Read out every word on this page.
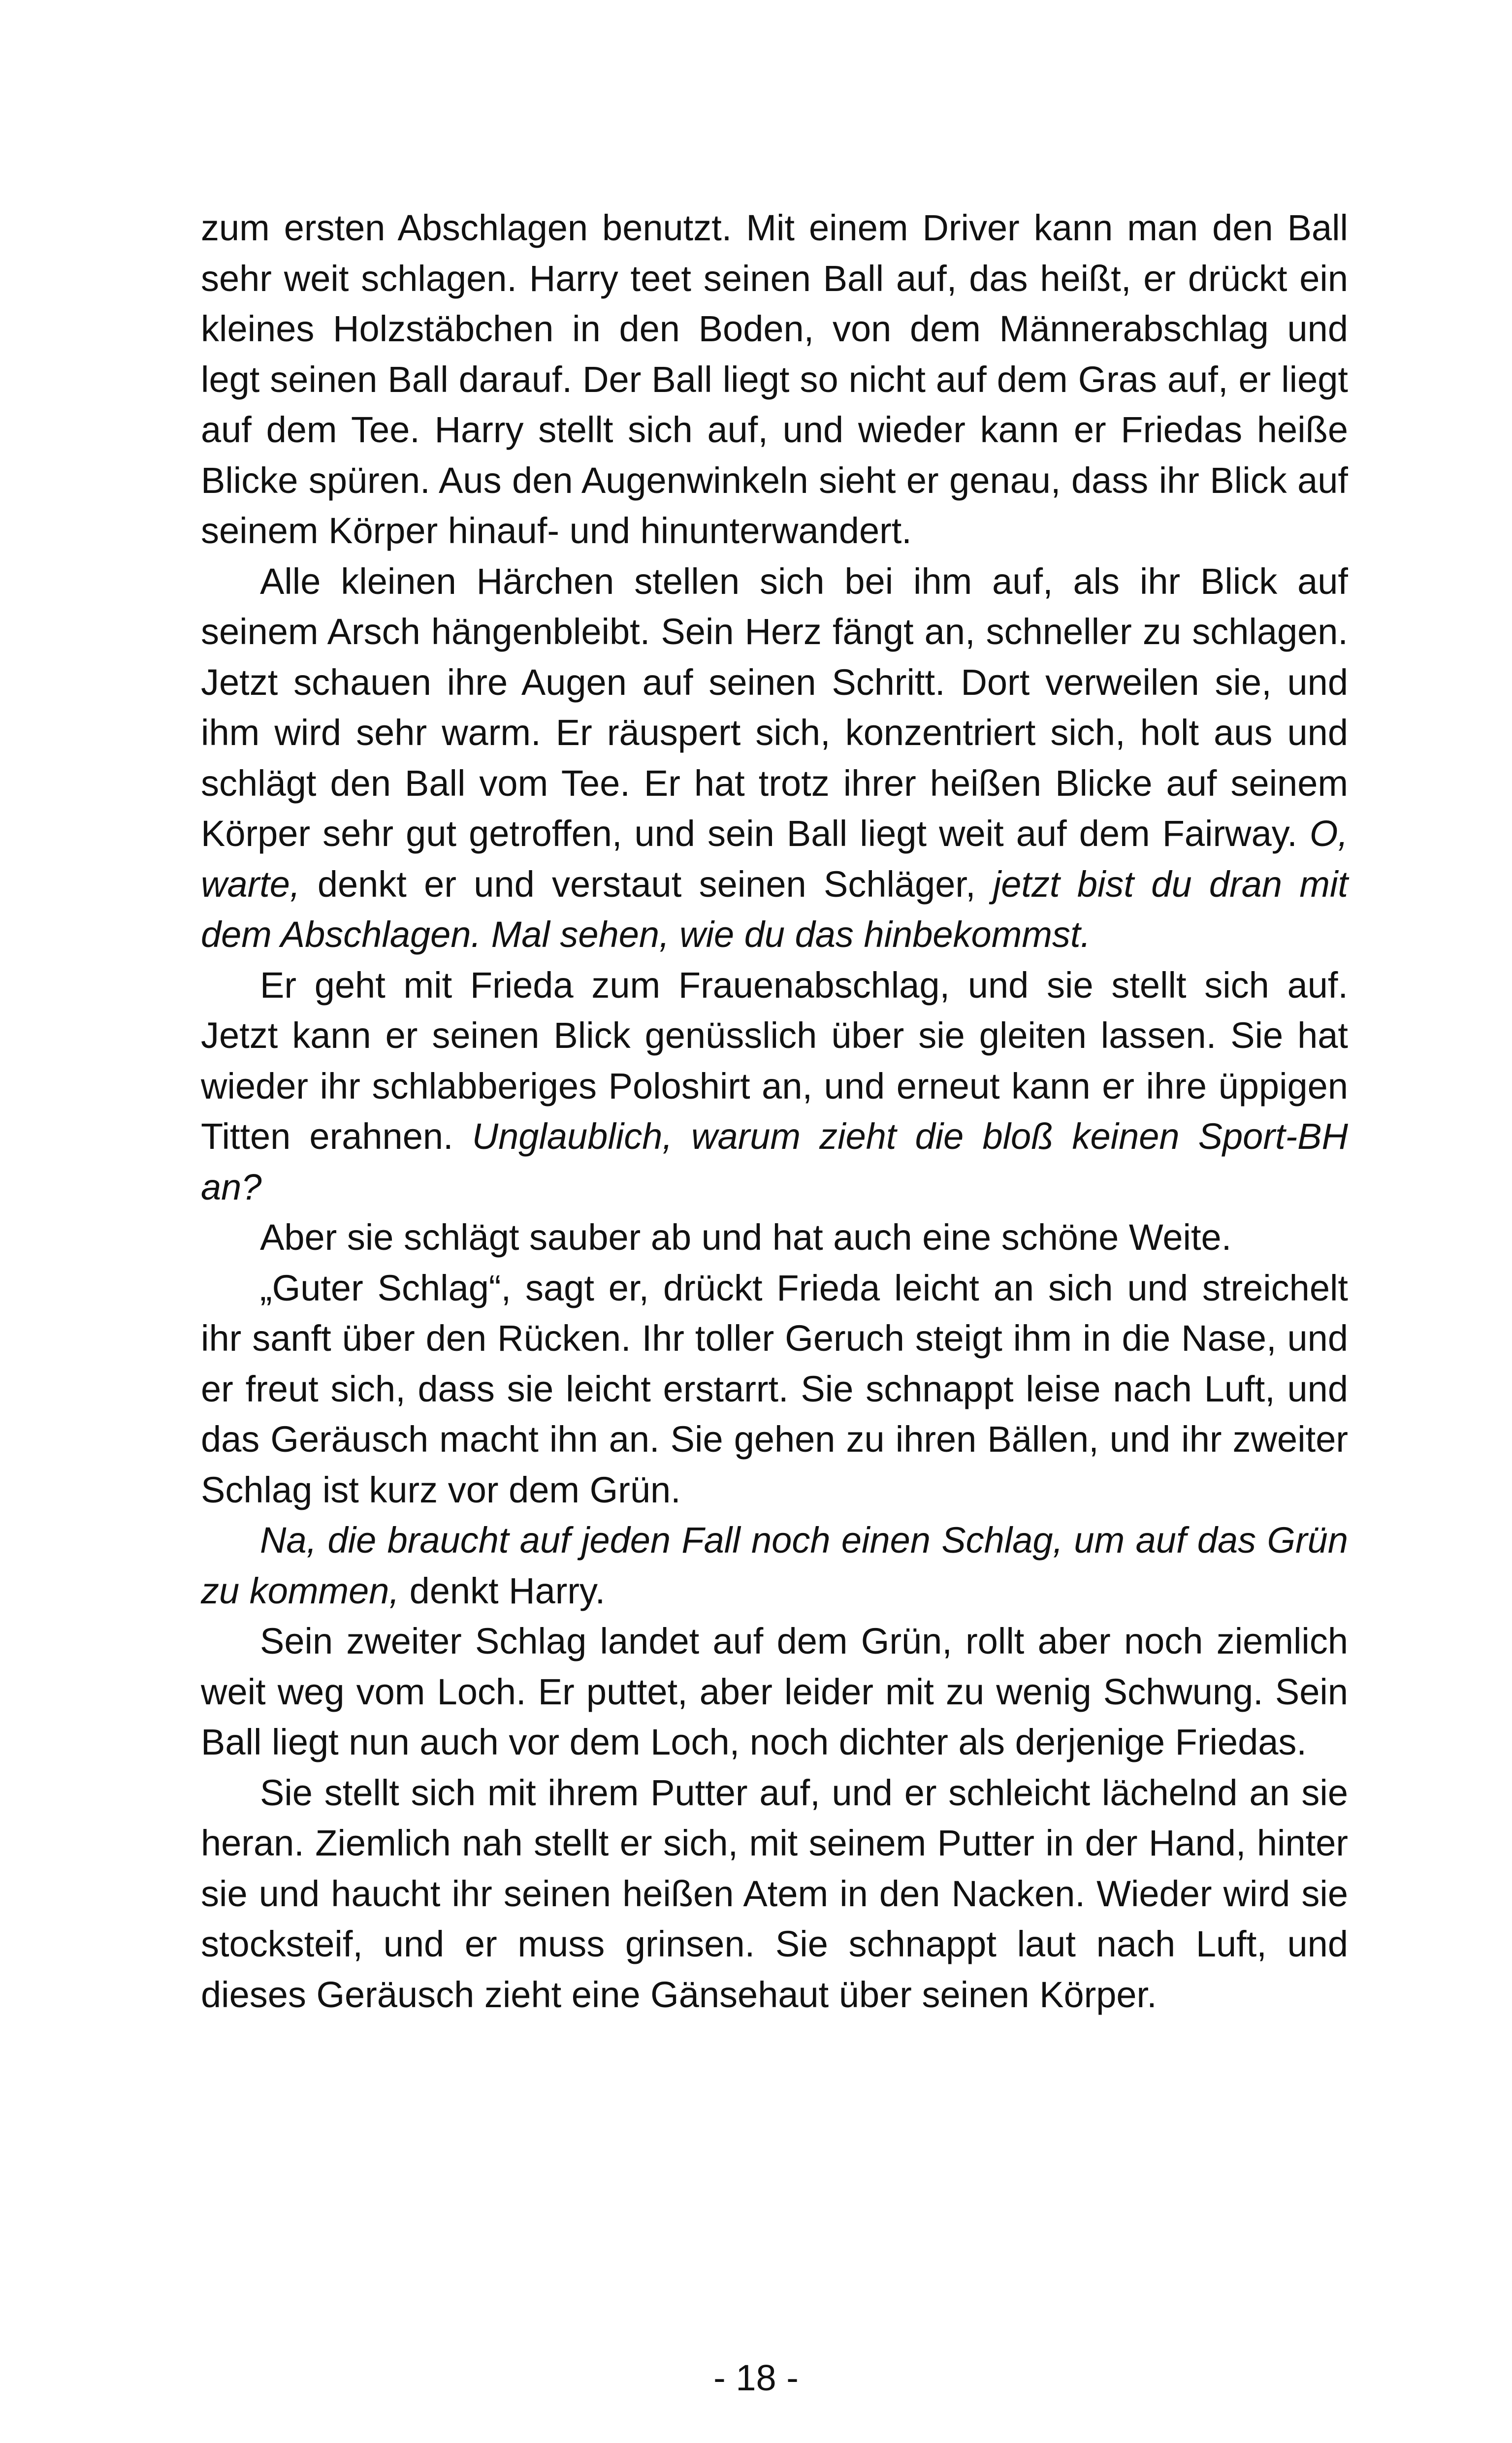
zum ersten Abschlagen benutzt. Mit einem Driver kann man den Ball sehr weit schlagen. Harry teet seinen Ball auf, das heißt, er drückt ein kleines Holzstäbchen in den Boden, von dem Männerabschlag und legt seinen Ball darauf. Der Ball liegt so nicht auf dem Gras auf, er liegt auf dem Tee. Harry stellt sich auf, und wieder kann er Friedas heiße Blicke spüren. Aus den Augenwinkeln sieht er genau, dass ihr Blick auf seinem Körper hinauf- und hinunterwandert.

Alle kleinen Härchen stellen sich bei ihm auf, als ihr Blick auf seinem Arsch hängenbleibt. Sein Herz fängt an, schneller zu schlagen. Jetzt schauen ihre Augen auf seinen Schritt. Dort verweilen sie, und ihm wird sehr warm. Er räuspert sich, konzentriert sich, holt aus und schlägt den Ball vom Tee. Er hat trotz ihrer heißen Blicke auf seinem Körper sehr gut getroffen, und sein Ball liegt weit auf dem Fairway. O, warte, denkt er und verstaut seinen Schläger, jetzt bist du dran mit dem Abschlagen. Mal sehen, wie du das hinbekommst.

Er geht mit Frieda zum Frauenabschlag, und sie stellt sich auf. Jetzt kann er seinen Blick genüsslich über sie gleiten lassen. Sie hat wieder ihr schlabberiges Poloshirt an, und erneut kann er ihre üppigen Titten erahnen. Unglaublich, warum zieht die bloß keinen Sport-BH an?

Aber sie schlägt sauber ab und hat auch eine schöne Weite.

„Guter Schlag“, sagt er, drückt Frieda leicht an sich und streichelt ihr sanft über den Rücken. Ihr toller Geruch steigt ihm in die Nase, und er freut sich, dass sie leicht erstarrt. Sie schnappt leise nach Luft, und das Geräusch macht ihn an. Sie gehen zu ihren Bällen, und ihr zweiter Schlag ist kurz vor dem Grün.

Na, die braucht auf jeden Fall noch einen Schlag, um auf das Grün zu kommen, denkt Harry.

Sein zweiter Schlag landet auf dem Grün, rollt aber noch ziemlich weit weg vom Loch. Er puttet, aber leider mit zu wenig Schwung. Sein Ball liegt nun auch vor dem Loch, noch dichter als derjenige Friedas.

Sie stellt sich mit ihrem Putter auf, und er schleicht lächelnd an sie heran. Ziemlich nah stellt er sich, mit seinem Putter in der Hand, hinter sie und haucht ihr seinen heißen Atem in den Nacken. Wieder wird sie stocksteif, und er muss grinsen. Sie schnappt laut nach Luft, und dieses Geräusch zieht eine Gänsehaut über seinen Körper.

- 18 -
